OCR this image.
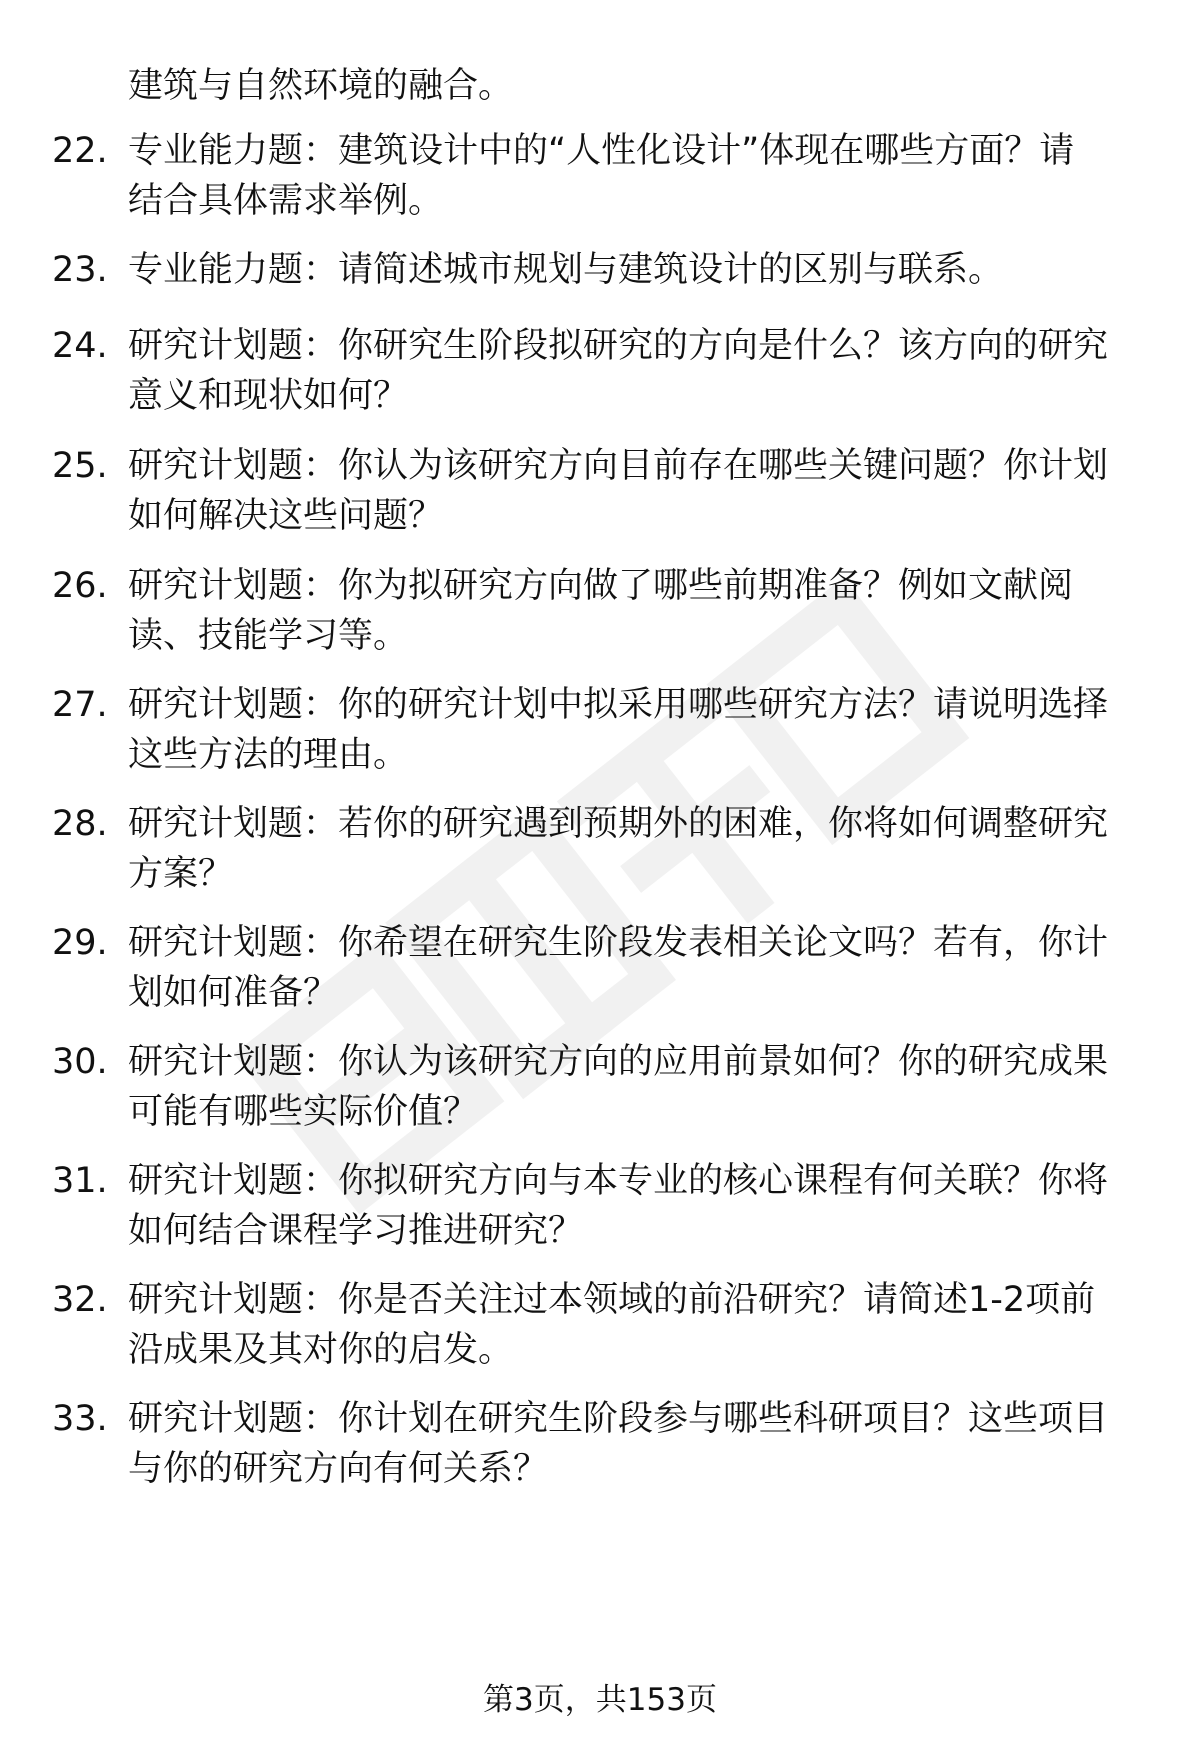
建筑与自然环境的融合。

22. 专业能力题：建筑设计中的“人性化设计”体现在哪些方面？请
结合具体需求举例。
23. 专业能力题：请简述城市规划与建筑设计的区别与联系。
24. 研究计划题：你研究生阶段拟研究的方向是什么？该方向的研究
意义和现状如何？
25. 研究计划题：你认为该研究方向目前存在哪些关键问题？你计划
如何解决这些问题？
26. 研究计划题：你为拟研究方向做了哪些前期准备？例如文献阅
读、技能学习等。
27. 研究计划题：你的研究计划中拟采用哪些研究方法？请说明选择
这些方法的理由。
28. 研究计划题：若你的研究遇到预期外的困难，你将如何调整研究
方案？
29. 研究计划题：你希望在研究生阶段发表相关论文吗？若有，你计
划如何准备？
30. 研究计划题：你认为该研究方向的应用前景如何？你的研究成果
可能有哪些实际价值？
31. 研究计划题：你拟研究方向与本专业的核心课程有何关联？你将
如何结合课程学习推进研究？
32. 研究计划题：你是否关注过本领域的前沿研究？请简述1-2项前
沿成果及其对你的启发。
33. 研究计划题：你计划在研究生阶段参与哪些科研项目？这些项目
与你的研究方向有何关系？
第3页，共153页
